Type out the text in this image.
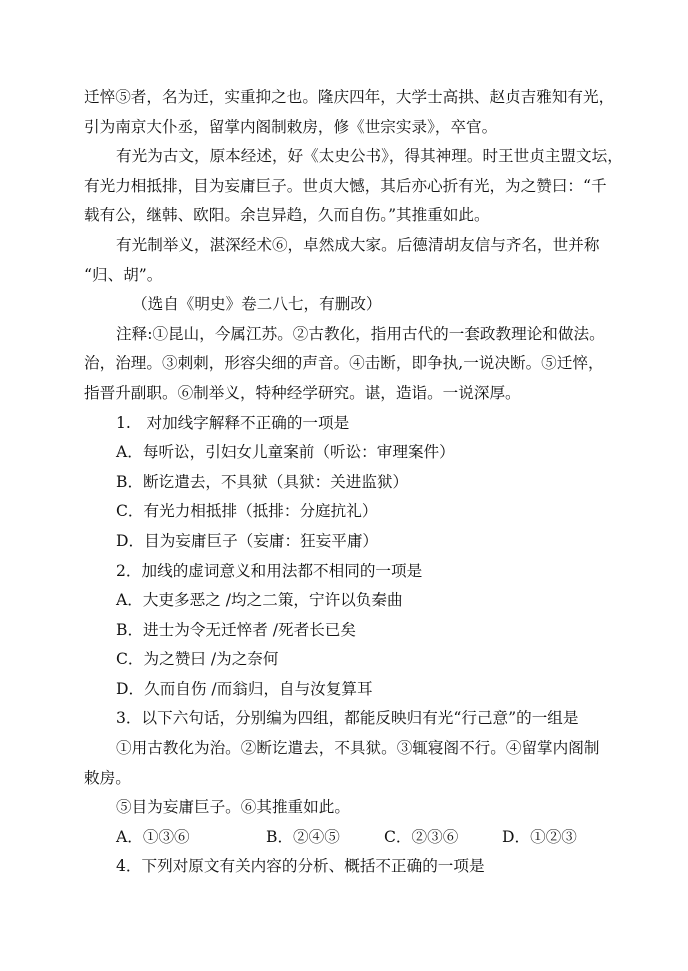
迁悴⑤者，名为迁，实重抑之也。隆庆四年，大学士高拱、赵贞吉雅知有光，
引为南京大仆丞，留掌内阁制敕房，修《世宗实录》，卒官。
有光为古文，原本经述，好《太史公书》，得其神理。时王世贞主盟文坛，
有光力相抵排，目为妄庸巨子。世贞大憾，其后亦心折有光，为之赞曰：“千
载有公，继韩、欧阳。余岂异趋，久而自伤。”其推重如此。
有光制举义，湛深经术⑥，卓然成大家。后德清胡友信与齐名，世并称
“归、胡”。
（选自《明史》卷二八七，有删改）
注释:①昆山，今属江苏。②古教化，指用古代的一套政教理论和做法。
治，治理。③刺刺，形容尖细的声音。④击断，即争执,一说决断。⑤迁悴，
指晋升副职。⑥制举义，特种经学研究。谌，造诣。一说深厚。
1.　对加线字解释不正确的一项是
A．每听讼，引妇女儿童案前（听讼：审理案件）
B．断讫遣去，不具狱（具狱：关进监狱）
C．有光力相抵排（抵排：分庭抗礼）
D．目为妄庸巨子（妄庸：狂妄平庸）
2．加线的虚词意义和用法都不相同的一项是
A．大吏多恶之 /均之二策，宁许以负秦曲
B．进士为令无迁悴者 /死者长已矣
C．为之赞曰 /为之奈何
D．久而自伤 /而翁归，自与汝复算耳
3．以下六句话，分别编为四组，都能反映归有光“行己意”的一组是
①用古教化为治。②断讫遣去，不具狱。③辄寝阁不行。④留掌内阁制
敕房。
⑤目为妄庸巨子。⑥其推重如此。
A．①③⑥	B．②④⑤	C．②③⑥	D．①②③
4．下列对原文有关内容的分析、概括不正确的一项是
